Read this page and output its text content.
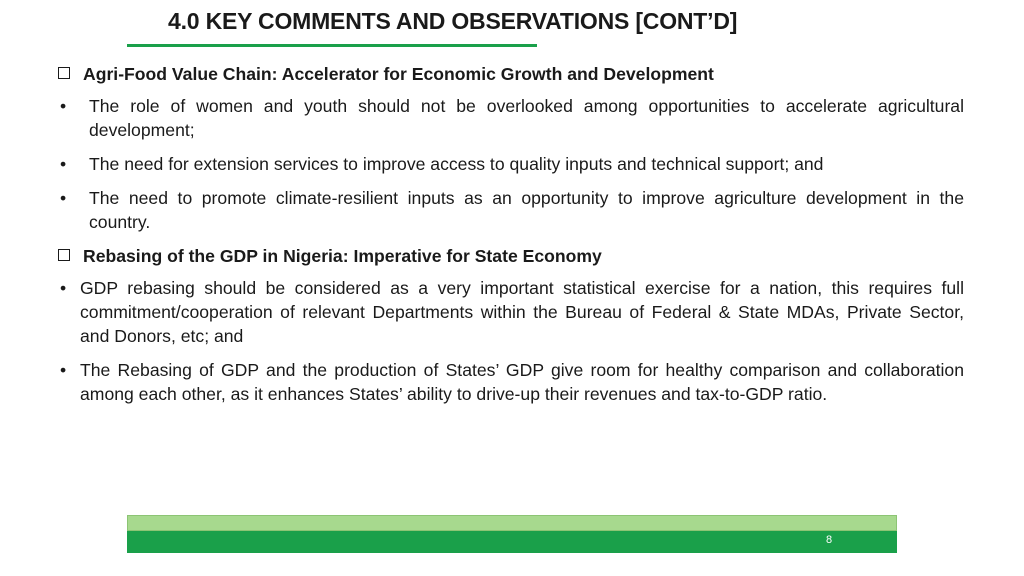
4.0 KEY COMMENTS AND OBSERVATIONS [CONT’D]
Agri-Food Value Chain: Accelerator for Economic Growth and Development
•	The role of women and youth should not be overlooked among opportunities to accelerate agricultural development;
•	The need for extension services to improve access to quality inputs and technical support; and
•	The need to promote climate-resilient inputs as an opportunity to improve agriculture development in the country.
Rebasing of the GDP in Nigeria: Imperative for State Economy
• GDP rebasing should be considered as a very important statistical exercise for a nation, this requires full commitment/cooperation of relevant Departments within the Bureau of Federal & State MDAs, Private Sector, and Donors, etc; and
• The Rebasing of GDP and the production of States’ GDP give room for healthy comparison and collaboration among each other, as it enhances States’ ability to drive-up their revenues and tax-to-GDP ratio.
8
